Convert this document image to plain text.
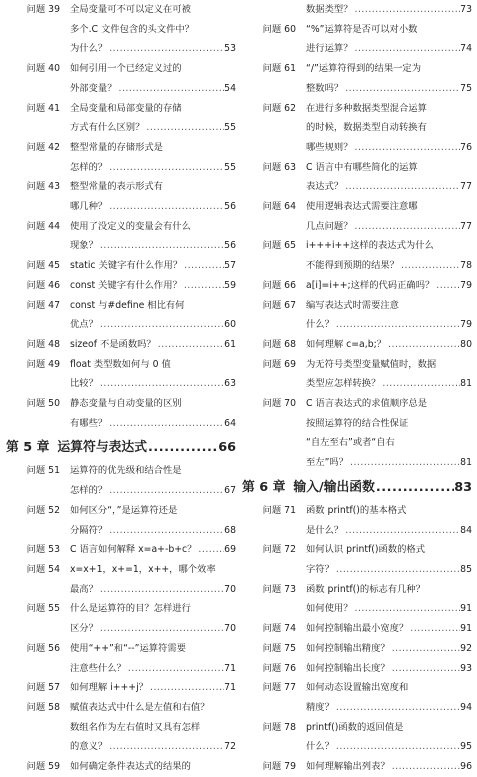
问题 39	全局变量可不可以定义在可被
多个.C 文件包含的头文件中？
为什么？ .....	53
问题 40	如何引用一个已经定义过的
外部变量？ .....	54
问题 41	全局变量和局部变量的存储
方式有什么区别？ .....	55
问题 42	整型常量的存储形式是
怎样的？ .....	55
问题 43	整型常量的表示形式有
哪几种？ .....	56
问题 44	使用了没定义的变量会有什么
现象？ .....	56
问题 45	static 关键字有什么作用？ .....	57
问题 46	const 关键字有什么作用？ .....	59
问题 47	const 与#define 相比有何
优点？ .....	60
问题 48	sizeof 不是函数吗？ .....	61
问题 49	float 类型数如何与 0 值
比较？ .....	63
问题 50	静态变量与自动变量的区别
有哪些？ .....	64
第 5 章 运算符与表达式 .....	66
问题 51	运算符的优先级和结合性是
怎样的？ .....	67
问题 52	如何区分“，”是运算符还是
分隔符？ .....	68
问题 53	C 语言如何解释 x=a+-b+c？ .....	69
问题 54	x=x+1，x+=1，x++，哪个效率
最高？ .....	70
问题 55	什么是运算符的目？怎样进行
区分？ .....	70
问题 56	使用“++”和“--”运算符需要
注意些什么？ .....	71
问题 57	如何理解 i+++j？ .....	71
问题 58	赋值表达式中什么是左值和右值？
数组名作为左右值时又具有怎样
的意义？ .....	72
问题 59	如何确定条件表达式的结果的
数据类型？ .....	73
问题 60	“%”运算符是否可以对小数
进行运算？ .....	74
问题 61	“/”运算符得到的结果一定为
整数吗？ .....	75
问题 62	在进行多种数据类型混合运算
的时候，数据类型自动转换有
哪些规则？ .....	76
问题 63	C 语言中有哪些简化的运算
表达式？ .....	77
问题 64	使用逻辑表达式需要注意哪
几点问题？ .....	77
问题 65	i+++i++这样的表达式为什么
不能得到预期的结果？ .....	78
问题 66	a[i]=i++;这样的代码正确吗？ .....	79
问题 67	编写表达式时需要注意
什么？ .....	79
问题 68	如何理解 c=a,b;？ .....	80
问题 69	为无符号类型变量赋值时，数据
类型应怎样转换？ .....	81
问题 70	C 语言表达式的求值顺序总是
按照运算符的结合性保证
“自左至右”或者“自右
至左”吗？ .....	81
第 6 章 输入/输出函数 .....	83
问题 71	函数 printf()的基本格式
是什么？ .....	84
问题 72	如何认识 printf()函数的格式
字符？ .....	85
问题 73	函数 printf()的标志有几种？
如何使用？ .....	91
问题 74	如何控制输出最小宽度？ .....	91
问题 75	如何控制输出精度？ .....	92
问题 76	如何控制输出长度？ .....	93
问题 77	如何动态设置输出宽度和
精度？ .....	94
问题 78	printf()函数的返回值是
什么？ .....	95
问题 79	如何理解输出列表？ .....	96
